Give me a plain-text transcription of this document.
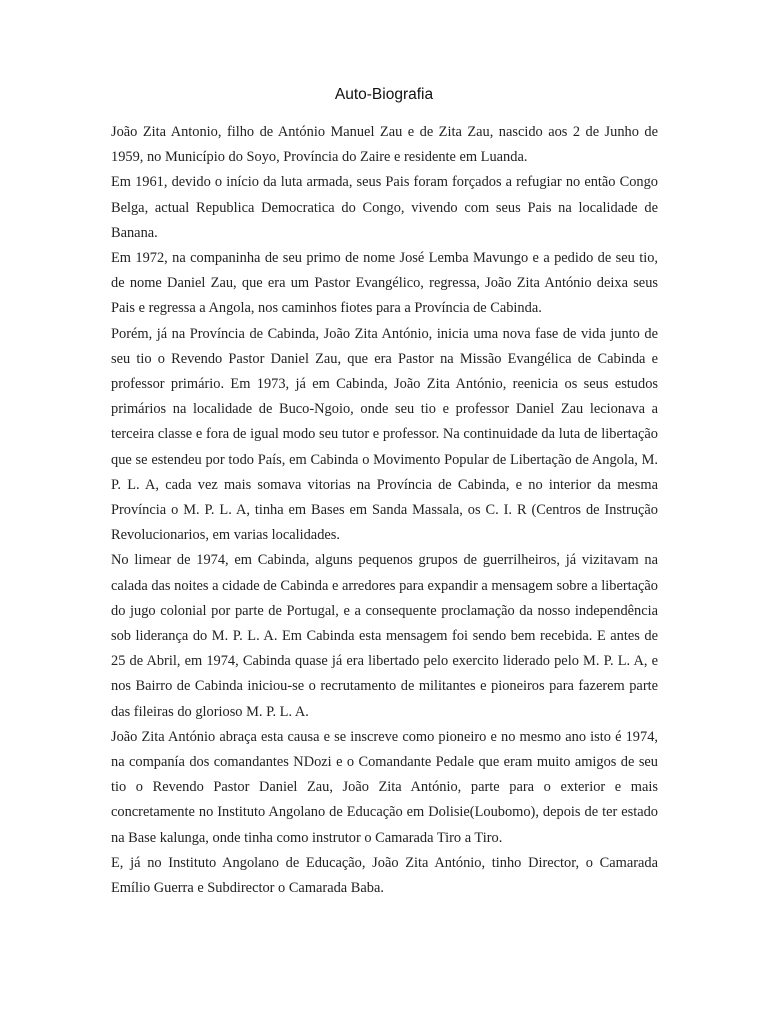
Auto-Biografia

João Zita Antonio, filho de António Manuel Zau e de Zita Zau, nascido aos 2 de Junho de 1959, no Município do Soyo, Província do Zaire e residente em Luanda.

Em 1961, devido o início da luta armada, seus Pais foram forçados a refugiar no então Congo Belga, actual Republica Democratica do Congo, vivendo com seus Pais na localidade de Banana.

Em 1972, na companinha de seu primo de nome José Lemba Mavungo e a pedido de seu tio, de nome Daniel Zau, que era um Pastor Evangélico, regressa, João Zita António deixa seus Pais e regressa a Angola, nos caminhos fiotes para a Província de Cabinda.

Porém, já na Província de Cabinda, João Zita António, inicia uma nova fase de vida junto de seu tio o Revendo Pastor Daniel Zau, que era Pastor na Missão Evangélica de Cabinda e professor primário. Em 1973, já em Cabinda, João Zita António, reenicia os seus estudos primários na localidade de Buco-Ngoio, onde seu tio e professor Daniel Zau lecionava a terceira classe e fora de igual modo seu tutor e professor. Na continuidade da luta de libertação que se estendeu por todo País, em Cabinda o Movimento Popular de Libertação de Angola, M. P. L. A, cada vez mais somava vitorias na Província de Cabinda, e no interior da mesma Província o M. P. L. A, tinha em Bases em Sanda Massala, os C. I. R (Centros de Instrução Revolucionarios, em varias localidades.

No limear de 1974, em Cabinda, alguns pequenos grupos de guerrilheiros, já vizitavam na calada das noites a cidade de Cabinda e arredores para expandir a mensagem sobre a libertação do jugo colonial por parte de Portugal, e a consequente proclamação da nosso independência sob liderança do M. P. L. A. Em Cabinda esta mensagem foi sendo bem recebida. E antes de 25 de Abril, em 1974, Cabinda quase já era libertado pelo exercito liderado pelo M. P. L. A, e nos Bairro de Cabinda iniciou-se o recrutamento de militantes e pioneiros para fazerem parte das fileiras do glorioso M. P. L. A.

João Zita António abraça esta causa e se inscreve como pioneiro e no mesmo ano isto é 1974, na companía dos comandantes NDozi e o Comandante Pedale que eram muito amigos de seu tio o Revendo Pastor Daniel Zau, João Zita António, parte para o exterior e mais concretamente no Instituto Angolano de Educação em Dolisie(Loubomo), depois de ter estado na Base kalunga, onde tinha como instrutor o Camarada Tiro a Tiro.

E, já no Instituto Angolano de Educação, João Zita António, tinho Director, o Camarada Emílio Guerra e Subdirector o Camarada Baba.
